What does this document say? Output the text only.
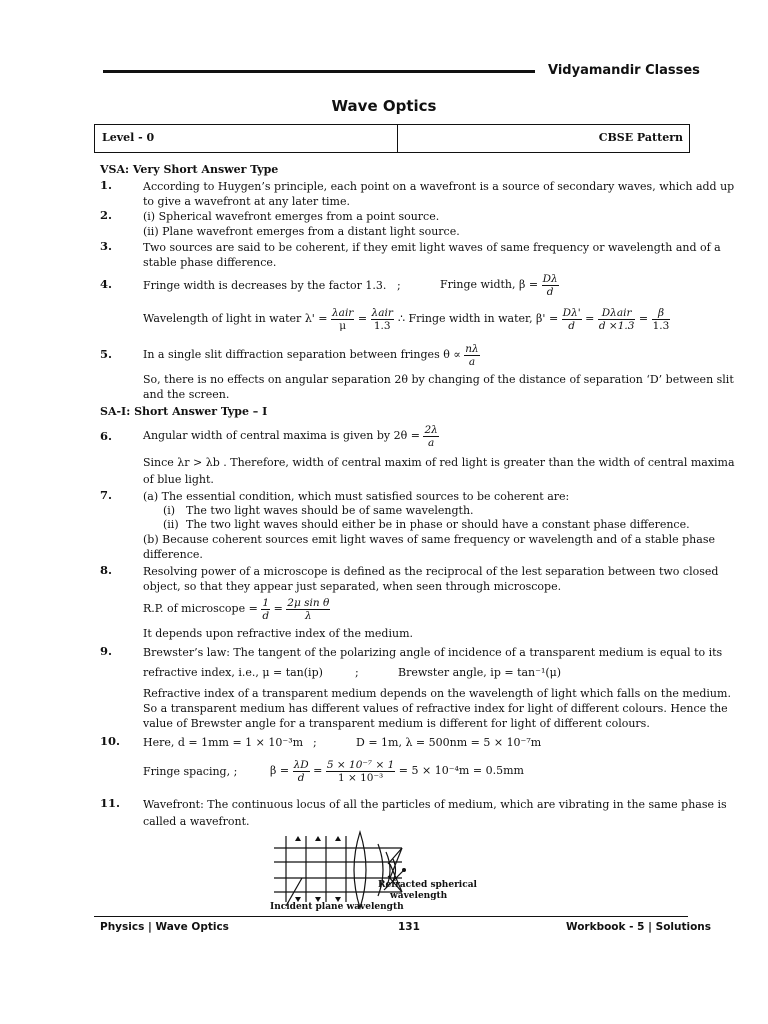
Vidyamandir Classes
Wave Optics
Level - 0	CBSE Pattern
VSA: Very Short Answer Type
1.	According to Huygen’s principle, each point on a wavefront is a source of secondary waves, which add up
to give a wavefront at any later time.
2.	(i) Spherical wavefront emerges from a point source.
(ii) Plane wavefront emerges from a distant light source.
3.	Two sources are said to be coherent, if they emit light waves of same frequency or wavelength and of a
stable phase difference.
4.	Fringe width is decreases by the factor 1.3. ;	Fringe width, $\beta = \frac{D\lambda}{d}$
Wavelength of light in water $\lambda' = \frac{\text{λair}}{\mu} = \frac{\text{λair}}{1.3}$ ∴ Fringe width in water, $\beta' = \frac{D\lambda'}{d} = \frac{\text{Dλair}}{d \times 1.3} = \frac{\beta}{1.3}$
5.	In a single slit diffraction separation between fringes $\theta \propto \frac{n\lambda}{a}$
So, there is no effects on angular separation 2θ by changing of the distance of separation ‘D’ between slit
and the screen.
SA-I: Short Answer Type – I
6.	Angular width of central maxima is given by $2\theta = \frac{2\lambda}{a}$
Since λr > λb . Therefore, width of central maxim of red light is greater than the width of central maxima
of blue light.
7.	(a) The essential condition, which must satisfied sources to be coherent are:
(i) The two light waves should be of same wavelength.
(ii) The two light waves should either be in phase or should have a constant phase difference.
(b) Because coherent sources emit light waves of same frequency or wavelength and of a stable phase
difference.
8.	Resolving power of a microscope is defined as the reciprocal of the lest separation between two closed
object, so that they appear just separated, when seen through microscope.
R.P. of microscope = $\frac{1}{d} = \frac{\text{2μ sin θ}}{\lambda}$
It depends upon refractive index of the medium.
9.	Brewster’s law: The tangent of the polarizing angle of incidence of a transparent medium is equal to its
refractive index, i.e., μ = tan(ip)	;	Brewster angle, ip = tan⁻¹(μ)
Refractive index of a transparent medium depends on the wavelength of light which falls on the medium.
So a transparent medium has different values of refractive index for light of different colours. Hence the
value of Brewster angle for a transparent medium is different for light of different colours.
10. Here, d = 1mm = 1 × 10⁻³m ;	D = 1m, λ = 500nm = 5 × 10⁻⁷m
Fringe spacing, ;	$\beta = \frac{\lambda D}{d} = \frac{\text{5 × 10⁻⁷ × 1}}{\text{1 × 10⁻³}} = 5 \times 10^{-4}m = 0.5mm$
11. Wavefront: The continuous locus of all the particles of medium, which are vibrating in the same phase is
called a wavefront.
Refracted spherical
wavelength
Incident plane wavelength
Physics | Wave Optics	131	Workbook - 5 | Solutions
